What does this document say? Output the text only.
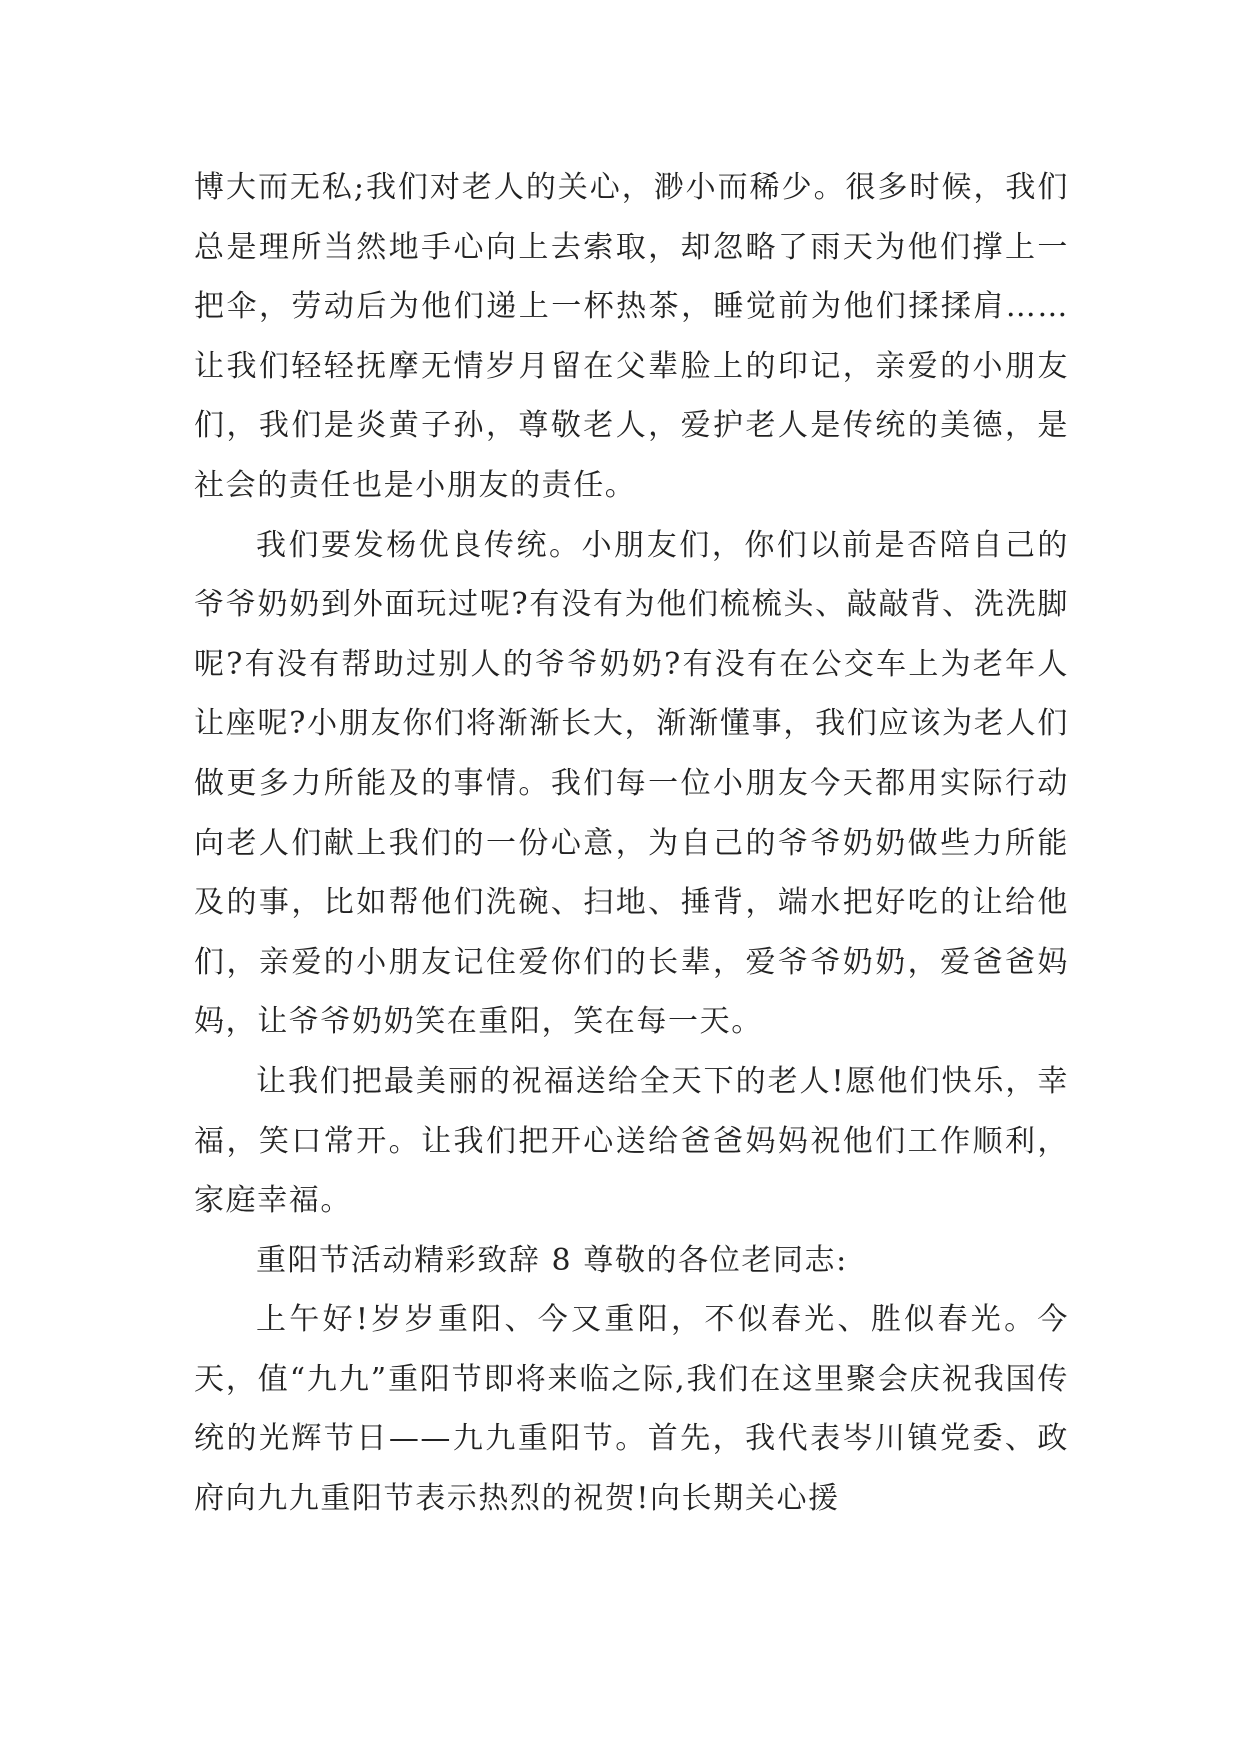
博大而无私;我们对老人的关心，渺小而稀少。很多时候，我们总是理所当然地手心向上去索取，却忽略了雨天为他们撑上一把伞，劳动后为他们递上一杯热茶，睡觉前为他们揉揉肩……让我们轻轻抚摩无情岁月留在父辈脸上的印记，亲爱的小朋友们，我们是炎黄子孙，尊敬老人，爱护老人是传统的美德，是社会的责任也是小朋友的责任。

我们要发杨优良传统。小朋友们，你们以前是否陪自己的爷爷奶奶到外面玩过呢?有没有为他们梳梳头、敲敲背、洗洗脚呢?有没有帮助过别人的爷爷奶奶?有没有在公交车上为老年人让座呢?小朋友你们将渐渐长大，渐渐懂事，我们应该为老人们做更多力所能及的事情。我们每一位小朋友今天都用实际行动向老人们献上我们的一份心意，为自己的爷爷奶奶做些力所能及的事，比如帮他们洗碗、扫地、捶背，端水把好吃的让给他们，亲爱的小朋友记住爱你们的长辈，爱爷爷奶奶，爱爸爸妈妈，让爷爷奶奶笑在重阳，笑在每一天。

让我们把最美丽的祝福送给全天下的老人!愿他们快乐，幸福，笑口常开。让我们把开心送给爸爸妈妈祝他们工作顺利，家庭幸福。

重阳节活动精彩致辞 8 尊敬的各位老同志:

上午好!岁岁重阳、今又重阳，不似春光、胜似春光。今天，值“九九”重阳节即将来临之际,我们在这里聚会庆祝我国传统的光辉节日——九九重阳节。首先，我代表岑川镇党委、政府向九九重阳节表示热烈的祝贺!向长期关心援
